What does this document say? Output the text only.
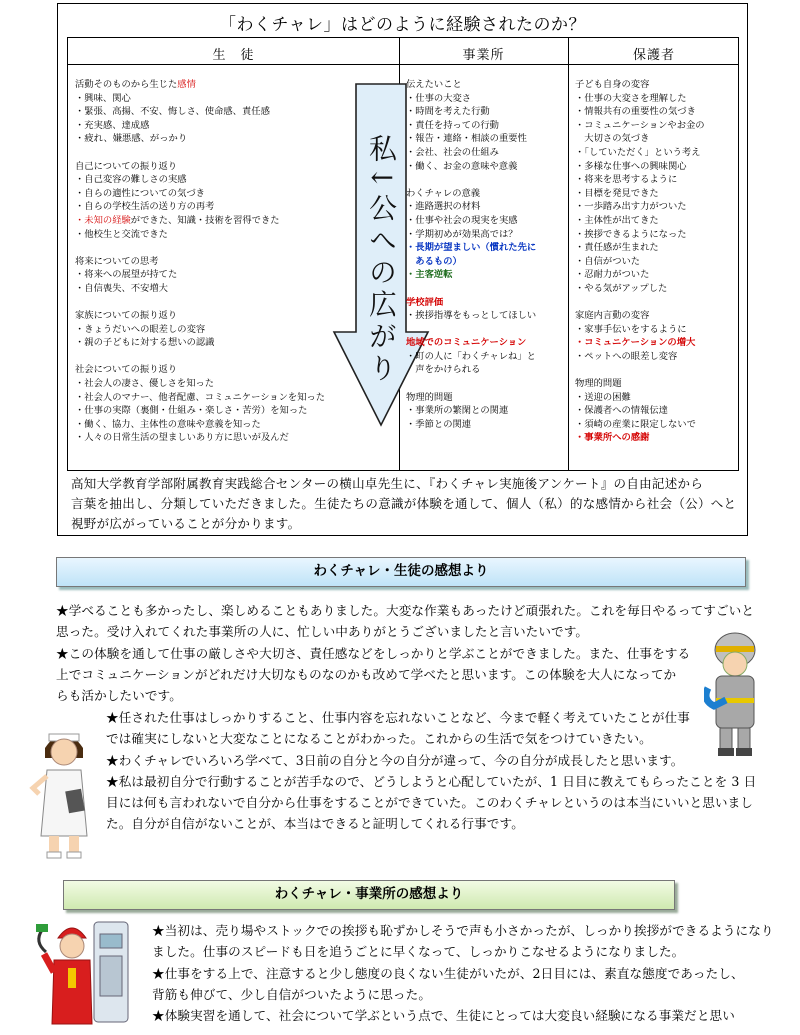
「わくチャレ」はどのように経験されたのか？
生　徒	事業所	保護者
活動そのものから生じた感情
・興味、関心
・緊張、高揚、不安、悔しさ、使命感、責任感
・充実感、達成感
・疲れ、嫌悪感、がっかり
自己についての振り返り
・自己変容の難しさの実感
・自らの適性についての気づき
・自らの学校生活の送り方の再考
・未知の経験ができた、知識・技術を習得できた
・他校生と交流できた
将来についての思考
・将来への展望が持てた
・自信喪失、不安増大
家族についての振り返り
・きょうだいへの眼差しの変容
・親の子どもに対する想いの認識
社会についての振り返り
・社会人の凄さ、優しさを知った
・社会人のマナー、他者配慮、コミュニケーションを知った
・仕事の実際（裏側・仕組み・楽しさ・苦労）を知った
・働く、協力、主体性の意味や意義を知った
・人々の日常生活の望ましいあり方に思いが及んだ
私↓公への広がり
伝えたいこと
・仕事の大変さ
・時間を考えた行動
・責任を持っての行動
・報告・連絡・相談の重要性
・会社、社会の仕組み
・働く、お金の意味や意義
わくチャレの意義
・進路選択の材料
・仕事や社会の現実を実感
・学期初めが効果高では？
・長期が望ましい（慣れた先に
　あるもの）
・主客逆転
学校評価
・挨拶指導をもっとしてほしい
地域でのコミュニケーション
・町の人に「わくチャレね」と
　声をかけられる
物理的問題
・事業所の繁閑との関連
・季節との関連
子ども自身の変容
・仕事の大変さを理解した
・情報共有の重要性の気づき
・コミュニケーションやお金の
　大切さの気づき
・「していただく」という考え
・多様な仕事への興味関心
・将来を思考するように
・目標を発見できた
・一歩踏み出す力がついた
・主体性が出てきた
・挨拶できるようになった
・責任感が生まれた
・自信がついた
・忍耐力がついた
・やる気がアップした
家庭内言動の変容
・家事手伝いをするように
・コミュニケーションの増大
・ペットへの眼差し変容
物理的問題
・送迎の困難
・保護者への情報伝達
・須崎の産業に限定しないで
・事業所への感謝
高知大学教育学部附属教育実践総合センターの横山卓先生に、『わくチャレ実施後アンケート』の自由記述から
言葉を抽出し、分類していただきました。生徒たちの意識が体験を通して、個人（私）的な感情から社会（公）へと
視野が広がっていることが分かります。
わくチャレ・生徒の感想より
★学べることも多かったし、楽しめることもありました。大変な作業もあったけど頑張れた。これを毎日やるってすごいと
思った。受け入れてくれた事業所の人に、忙しい中ありがとうございましたと言いたいです。
★この体験を通して仕事の厳しさや大切さ、責任感などをしっかりと学ぶことができました。また、仕事をする
上でコミュニケーションがどれだけ大切なものなのかも改めて学べたと思います。この体験を大人になってか
らも活かしたいです。
★任された仕事はしっかりすること、仕事内容を忘れないことなど、今まで軽く考えていたことが仕事
では確実にしないと大変なことになることがわかった。これからの生活で気をつけていきたい。
★わくチャレでいろいろ学べて、3日前の自分と今の自分が違って、今の自分が成長したと思います。
★私は最初自分で行動することが苦手なので、どうしようと心配していたが、1 日目に教えてもらったことを 3 日
目には何も言われないで自分から仕事をすることができていた。このわくチャレというのは本当にいいと思いまし
た。自分が自信がないことが、本当はできると証明してくれる行事です。
わくチャレ・事業所の感想より
★当初は、売り場やストックでの挨拶も恥ずかしそうで声も小さかったが、しっかり挨拶ができるようになり
ました。仕事のスピードも日を追うごとに早くなって、しっかりこなせるようになりました。
★仕事をする上で、注意すると少し態度の良くない生徒がいたが、2日目には、素直な態度であったし、
背筋も伸びて、少し自信がついたように思った。
★体験実習を通して、社会について学ぶという点で、生徒にとっては大変良い経験になる事業だと思い
